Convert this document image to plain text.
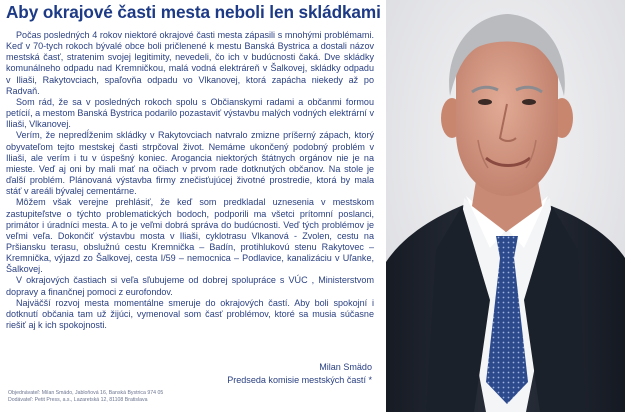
Aby okrajové časti mesta neboli len skládkami

Počas posledných 4 rokov niektoré okrajové časti mesta zápasili s mnohými problémami. Keď v 70-tych rokoch bývalé obce boli pričlenené k mestu Banská Bystrica a dostali názov mestská časť, stratenim svojej legitimity, nevedeli, čo ich v budúcnosti čaká. Dve skládky komunálneho odpadu nad Kremničkou, malá vodná elektráreň v Šalkovej, skládky odpadu v Iliaši, Rakytovciach, spaľovňa odpadu vo Vlkanovej, ktorá zapácha niekedy až po Radvaň.

Som rád, že sa v posledných rokoch spolu s Občianskymi radami a občanmi formou petícií, a mestom Banská Bystrica podarilo pozastaviť výstavbu malých vodných elektrární v Iliaši, Vlkanovej.

Verím, že nepredĺženim skládky v Rakytovciach natvralo zmizne príšerný zápach, ktorý obyvateľom tejto mestskej časti strpčoval život. Nemáme ukončený podobný problém v Iliaši, ale verím i tu v úspešný koniec. Arogancia niektorých štátnych orgánov nie je na mieste. Veď aj oni by mali mať na očiach v prvom rade dotknutých občanov. Na stole je ďalší problém. Plánovaná výstavba firmy znečisťujúcej životné prostredie, ktorá by mala stáť v areáli bývalej cementárne.

Môžem však verejne prehlásiť, že keď som predkladal uznesenia v mestskom zastupiteľstve o týchto problematických bodoch, podporili ma všetci prítomní poslanci, primátor i úradníci mesta. A to je veľmi dobrá správa do budúcnosti. Veď tých problémov je veľmi veľa. Dokončiť výstavbu mosta v Iliaši, cyklotrasu Vlkanová - Zvolen, cestu na Pršiansku terasu, obslužnú cestu Kremnička – Badín, protihlukovú stenu Rakytovec – Kremnička, výjazd zo Šalkovej, cesta I/59 – nemocnica – Podlavice, kanalizáciu v Uľanke, Šalkovej.

V okrajových častiach si veľa sľubujeme od dobrej spolupráce s VÚC , Ministerstvom dopravy a finančnej pomoci z eurofondov.

Najväčší rozvoj mesta momentálne smeruje do okrajových častí. Aby boli spokojní i dotknutí občania tam už žijúci, vymenoval som časť problémov, ktoré sa musia súčasne riešiť aj k ich spokojnosti.

Milan Smädo
Predseda komisie mestských častí *
Objednávateľ: Milan Smädo, Jabloňová 16, Banská Bystrica 974 05
Dodávateľ: Petit Press, a.s., Lazaretská 12, 81108 Bratislava
